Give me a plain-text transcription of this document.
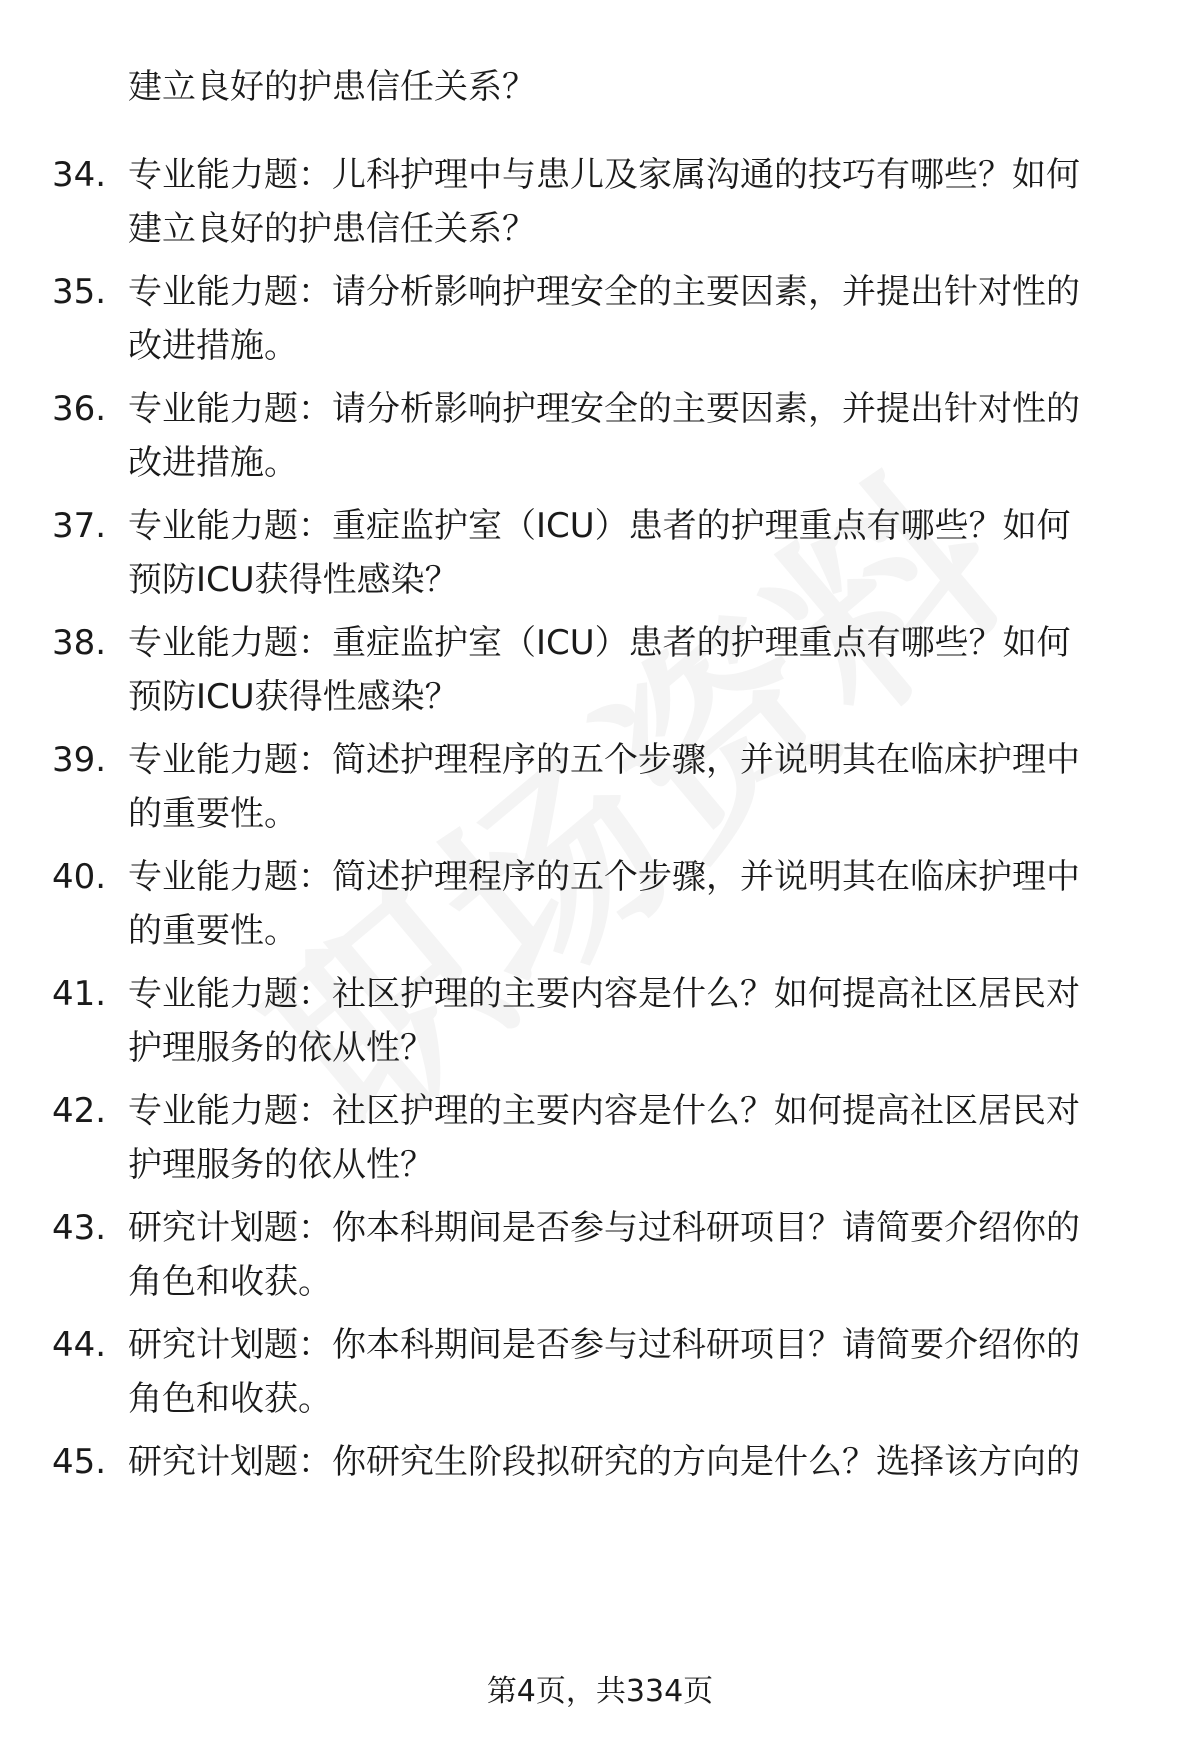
建立良好的护患信任关系？
34. 专业能力题：儿科护理中与患儿及家属沟通的技巧有哪些？如何
建立良好的护患信任关系？
35. 专业能力题：请分析影响护理安全的主要因素，并提出针对性的
改进措施。
36. 专业能力题：请分析影响护理安全的主要因素，并提出针对性的
改进措施。
37. 专业能力题：重症监护室（ICU）患者的护理重点有哪些？如何
预防ICU获得性感染？
38. 专业能力题：重症监护室（ICU）患者的护理重点有哪些？如何
预防ICU获得性感染？
39. 专业能力题：简述护理程序的五个步骤，并说明其在临床护理中
的重要性。
40. 专业能力题：简述护理程序的五个步骤，并说明其在临床护理中
的重要性。
41. 专业能力题：社区护理的主要内容是什么？如何提高社区居民对
护理服务的依从性？
42. 专业能力题：社区护理的主要内容是什么？如何提高社区居民对
护理服务的依从性？
43. 研究计划题：你本科期间是否参与过科研项目？请简要介绍你的
角色和收获。
44. 研究计划题：你本科期间是否参与过科研项目？请简要介绍你的
角色和收获。
45. 研究计划题：你研究生阶段拟研究的方向是什么？选择该方向的
第4页，共334页
